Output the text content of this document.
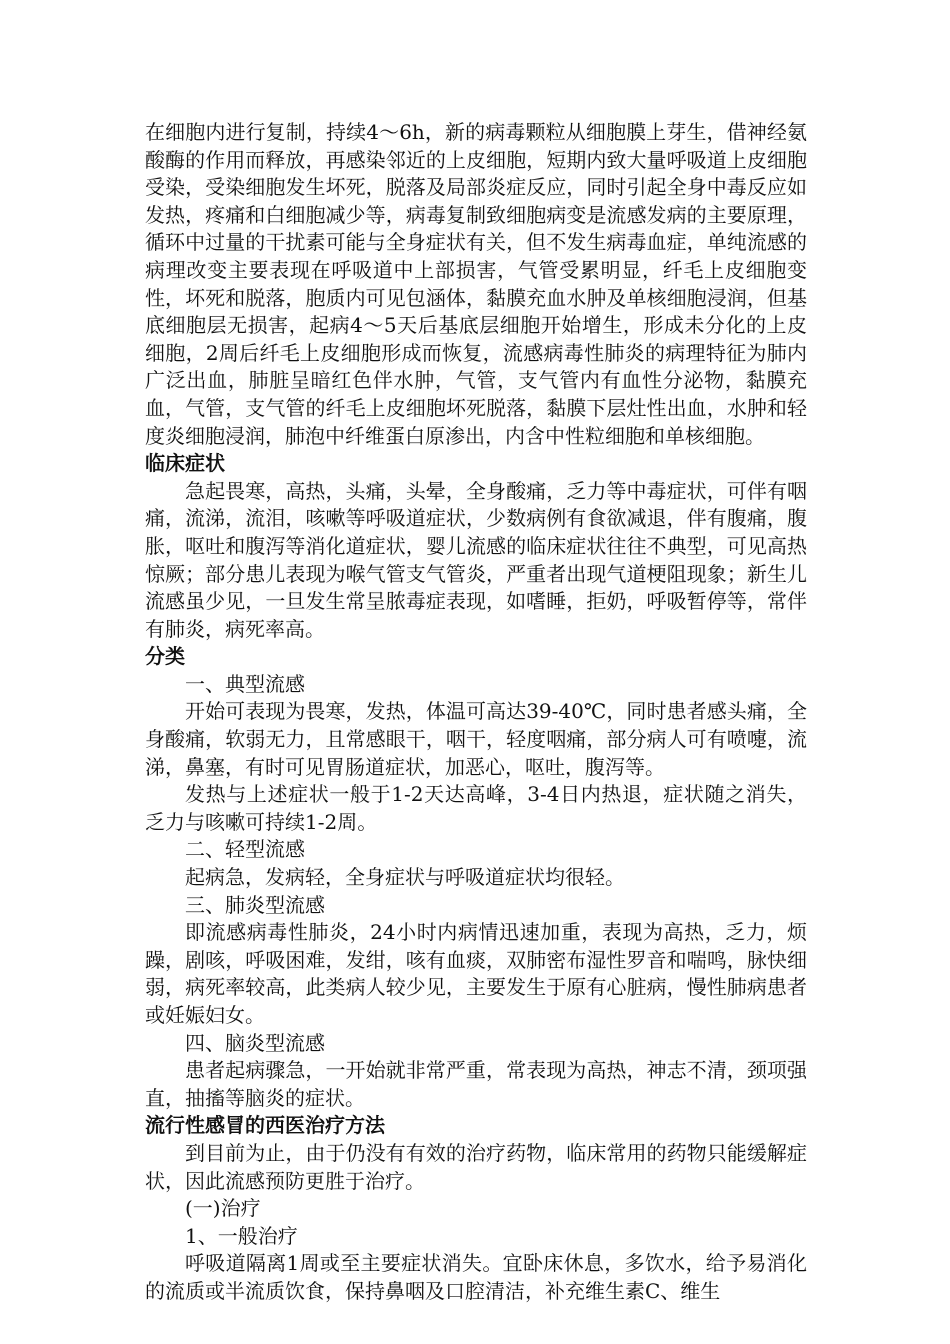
在细胞内进行复制，持续4～6h，新的病毒颗粒从细胞膜上芽生，借神经氨酸酶的作用而释放，再感染邻近的上皮细胞，短期内致大量呼吸道上皮细胞受染，受染细胞发生坏死，脱落及局部炎症反应，同时引起全身中毒反应如发热，疼痛和白细胞减少等，病毒复制致细胞病变是流感发病的主要原理，循环中过量的干扰素可能与全身症状有关，但不发生病毒血症，单纯流感的病理改变主要表现在呼吸道中上部损害，气管受累明显，纤毛上皮细胞变性，坏死和脱落，胞质内可见包涵体，黏膜充血水肿及单核细胞浸润，但基底细胞层无损害，起病4～5天后基底层细胞开始增生，形成未分化的上皮细胞，2周后纤毛上皮细胞形成而恢复，流感病毒性肺炎的病理特征为肺内广泛出血，肺脏呈暗红色伴水肿，气管，支气管内有血性分泌物，黏膜充血，气管，支气管的纤毛上皮细胞坏死脱落，黏膜下层灶性出血，水肿和轻度炎细胞浸润，肺泡中纤维蛋白原渗出，内含中性粒细胞和单核细胞。

临床症状

急起畏寒，高热，头痛，头晕，全身酸痛，乏力等中毒症状，可伴有咽痛，流涕，流泪，咳嗽等呼吸道症状，少数病例有食欲减退，伴有腹痛，腹胀，呕吐和腹泻等消化道症状，婴儿流感的临床症状往往不典型，可见高热惊厥；部分患儿表现为喉气管支气管炎，严重者出现气道梗阻现象；新生儿流感虽少见，一旦发生常呈脓毒症表现，如嗜睡，拒奶，呼吸暂停等，常伴有肺炎，病死率高。

分类

一、典型流感

开始可表现为畏寒，发热，体温可高达39-40℃，同时患者感头痛，全身酸痛，软弱无力，且常感眼干，咽干，轻度咽痛，部分病人可有喷嚏，流涕，鼻塞，有时可见胃肠道症状，加恶心，呕吐，腹泻等。

发热与上述症状一般于1-2天达高峰，3-4日内热退，症状随之消失，乏力与咳嗽可持续1-2周。

二、轻型流感

起病急，发病轻，全身症状与呼吸道症状均很轻。

三、肺炎型流感

即流感病毒性肺炎，24小时内病情迅速加重，表现为高热，乏力，烦躁，剧咳，呼吸困难，发绀，咳有血痰，双肺密布湿性罗音和喘鸣，脉快细弱，病死率较高，此类病人较少见，主要发生于原有心脏病，慢性肺病患者或妊娠妇女。

四、脑炎型流感

患者起病骤急，一开始就非常严重，常表现为高热，神志不清，颈项强直，抽搐等脑炎的症状。

流行性感冒的西医治疗方法

到目前为止，由于仍没有有效的治疗药物，临床常用的药物只能缓解症状，因此流感预防更胜于治疗。

(一)治疗

1、一般治疗

呼吸道隔离1周或至主要症状消失。宜卧床休息，多饮水，给予易消化的流质或半流质饮食，保持鼻咽及口腔清洁，补充维生素C、维生
